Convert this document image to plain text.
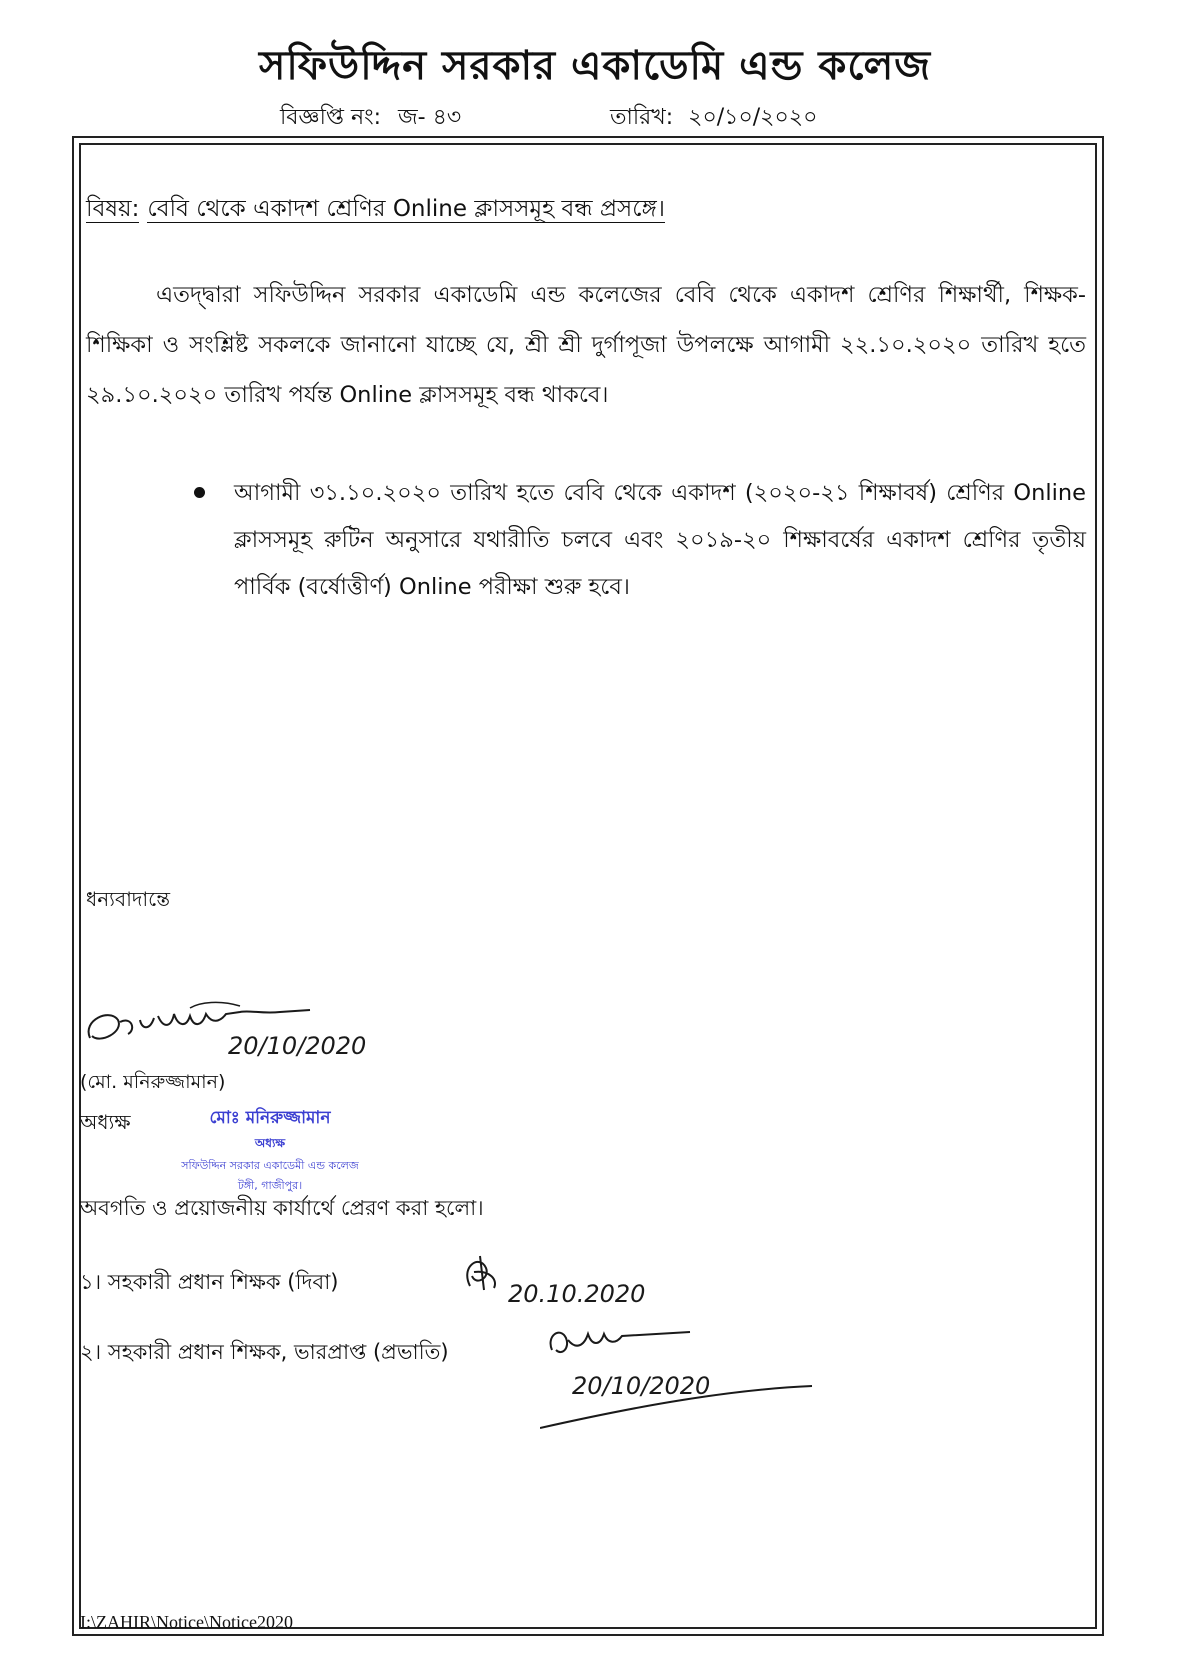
সফিউদ্দিন সরকার একাডেমি এন্ড কলেজ
বিজ্ঞপ্তি নং: জ- ৪৩	তারিখ: ২০/১০/২০২০
বিষয়: বেবি থেকে একাদশ শ্রেণির Online ক্লাসসমূহ বন্ধ প্রসঙ্গে।
এতদ্দ্বারা সফিউদ্দিন সরকার একাডেমি এন্ড কলেজের বেবি থেকে একাদশ শ্রেণির শিক্ষার্থী, শিক্ষক-শিক্ষিকা ও সংশ্লিষ্ট সকলকে জানানো যাচ্ছে যে, শ্রী শ্রী দুর্গাপূজা উপলক্ষে আগামী ২২.১০.২০২০ তারিখ হতে ২৯.১০.২০২০ তারিখ পর্যন্ত Online ক্লাসসমূহ বন্ধ থাকবে।
আগামী ৩১.১০.২০২০ তারিখ হতে বেবি থেকে একাদশ (২০২০-২১ শিক্ষাবর্ষ) শ্রেণির Online ক্লাসসমূহ রুটিন অনুসারে যথারীতি চলবে এবং ২০১৯-২০ শিক্ষাবর্ষের একাদশ শ্রেণির তৃতীয় পার্বিক (বর্ষোত্তীর্ণ) Online পরীক্ষা শুরু হবে।
ধন্যবাদান্তে
20/10/2020
(মো. মনিরুজ্জামান)
অধ্যক্ষ	মোঃ মনিরুজ্জামান
অধ্যক্ষ
সফিউদ্দিন সরকার একাডেমী এন্ড কলেজ
টঙ্গী, গাজীপুর।
অবগতি ও প্রয়োজনীয় কার্যার্থে প্রেরণ করা হলো।
১। সহকারী প্রধান শিক্ষক (দিবা)	20.10.2020
২। সহকারী প্রধান শিক্ষক, ভারপ্রাপ্ত (প্রভাতি)
20/10/2020
I:\ZAHIR\Notice\Notice2020
